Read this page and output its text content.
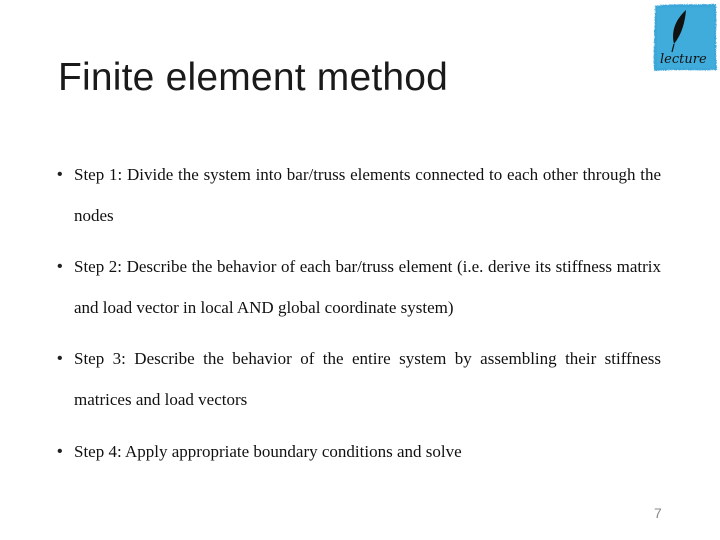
lecture
Finite element method
• Step 1: Divide the system into bar/truss elements connected to each other through the nodes
• Step 2: Describe the behavior of each bar/truss element (i.e. derive its stiffness matrix and load vector in local AND global coordinate system)
• Step 3: Describe the behavior of the entire system by assembling their stiffness matrices and load vectors
• Step 4: Apply appropriate boundary conditions and solve
7
